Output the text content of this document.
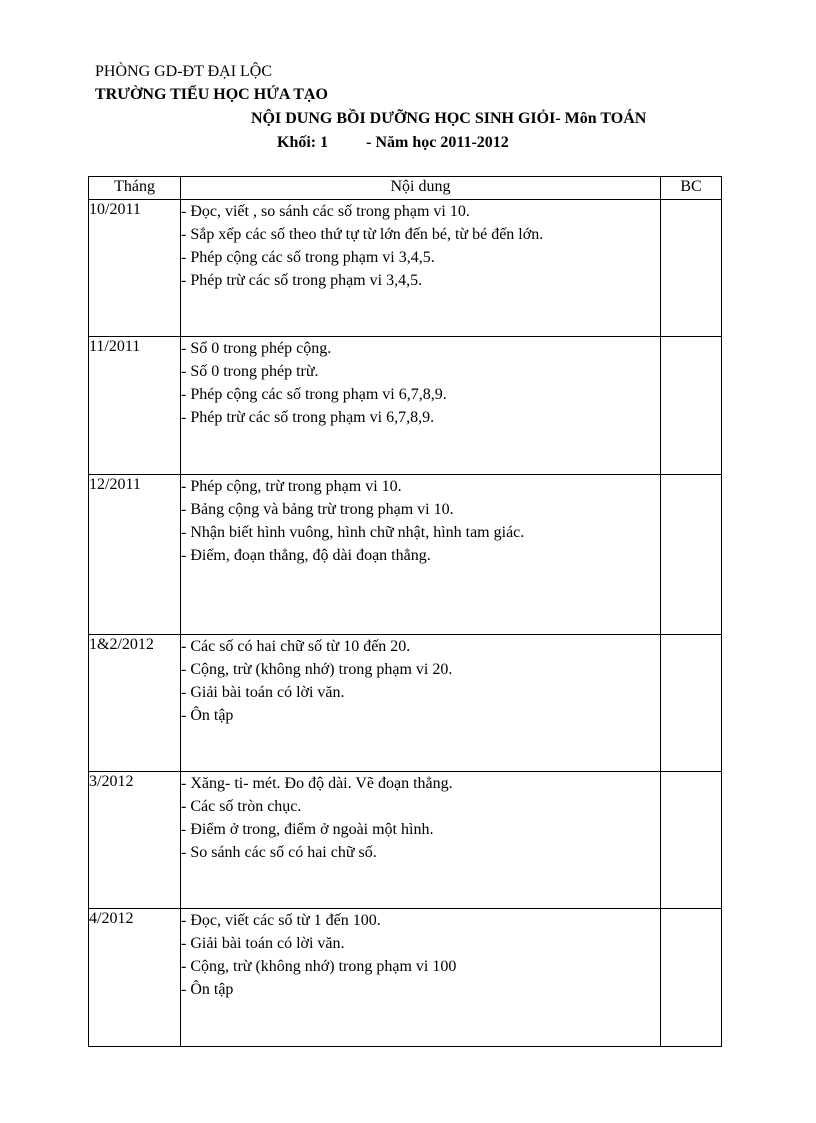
PHÒNG GD-ĐT ĐẠI LỘC
TRƯỜNG TIỂU HỌC HỨA TẠO
NỘI DUNG BỒI DƯỠNG HỌC SINH GIỎI- Môn TOÁN
Khối: 1 - Năm học 2011-2012
Tháng	Nội dung	BC
10/2011	- Đọc, viết , so sánh các số trong phạm vi 10.
- Sắp xếp các số theo thứ tự từ lớn đến bé, từ bé đến lớn.
- Phép cộng các số trong phạm vi 3,4,5.
- Phép trừ các số trong phạm vi 3,4,5.	

11/2011	- Số 0 trong phép cộng.
- Số 0 trong phép trừ.
- Phép cộng các số trong phạm vi 6,7,8,9.
- Phép trừ các số trong phạm vi 6,7,8,9.	

12/2011	- Phép cộng, trừ trong phạm vi 10.
- Bảng cộng và bảng trừ trong phạm vi 10.
- Nhận biết hình vuông, hình chữ nhật, hình tam giác.
- Điểm, đoạn thẳng, độ dài đoạn thẳng.	

1&2/2012	- Các số có hai chữ số từ 10 đến 20.
- Cộng, trừ (không nhớ) trong phạm vi 20.
- Giải bài toán có lời văn.
- Ôn tập	

3/2012	- Xăng- ti- mét. Đo độ dài. Vẽ đoạn thẳng.
- Các số tròn chục.
- Điểm ở trong, điểm ở ngoài một hình.
- So sánh các số có hai chữ số.	

4/2012	- Đọc, viết các số từ 1 đến 100.
- Giải bài toán có lời văn.
- Cộng, trừ (không nhớ) trong phạm vi 100
- Ôn tập	
